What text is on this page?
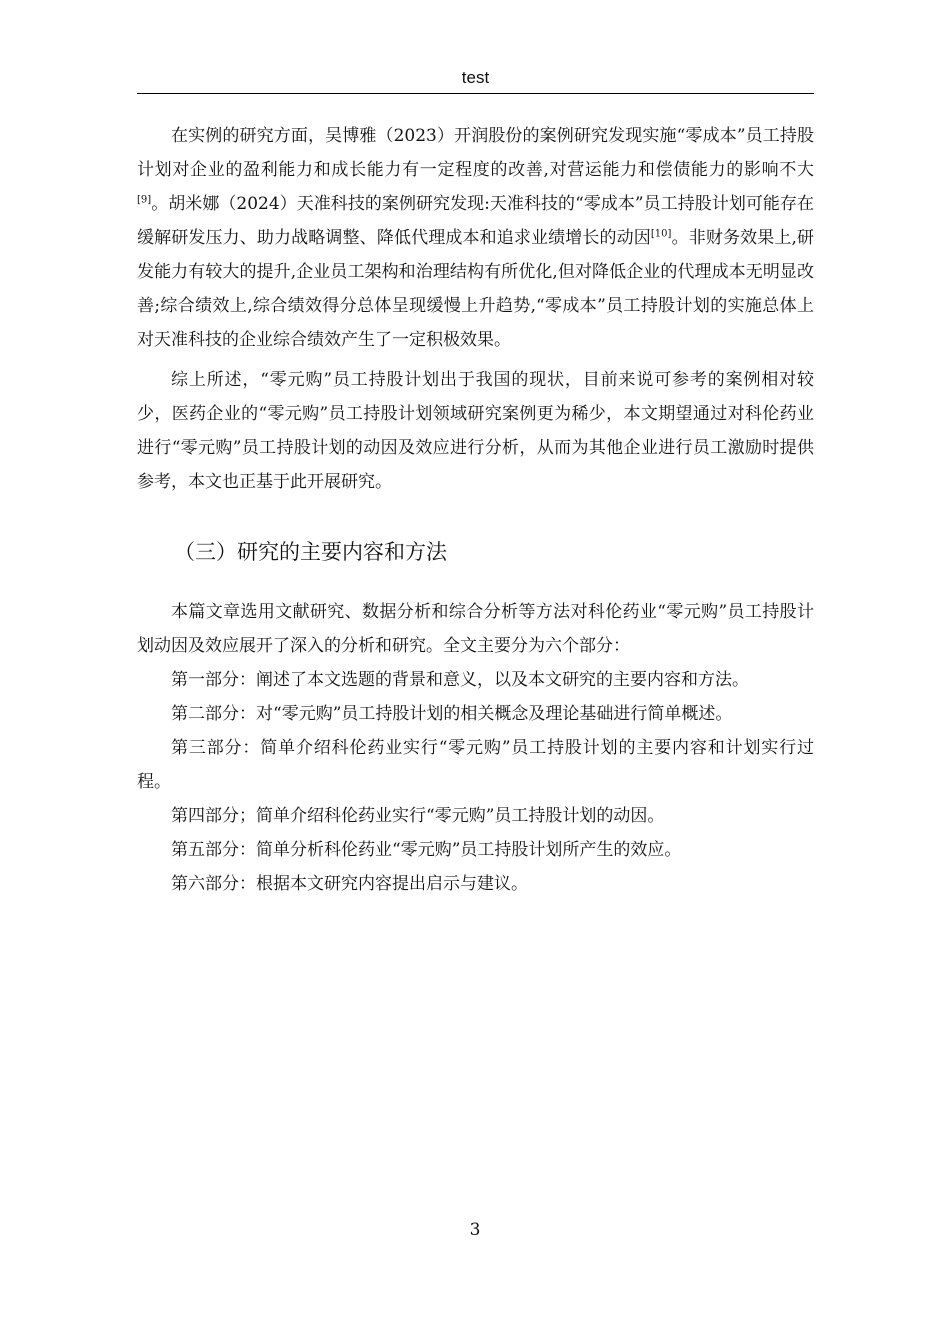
test

在实例的研究方面，吴博雅（2023）开润股份的案例研究发现实施“零成本”员工持股计划对企业的盈利能力和成长能力有一定程度的改善,对营运能力和偿债能力的影响不大[9]。胡米娜（2024）天准科技的案例研究发现:天准科技的“零成本”员工持股计划可能存在缓解研发压力、助力战略调整、降低代理成本和追求业绩增长的动因[10]。非财务效果上,研发能力有较大的提升,企业员工架构和治理结构有所优化,但对降低企业的代理成本无明显改善;综合绩效上,综合绩效得分总体呈现缓慢上升趋势,“零成本”员工持股计划的实施总体上对天准科技的企业综合绩效产生了一定积极效果。

综上所述，“零元购”员工持股计划出于我国的现状，目前来说可参考的案例相对较少，医药企业的“零元购”员工持股计划领域研究案例更为稀少，本文期望通过对科伦药业进行“零元购”员工持股计划的动因及效应进行分析，从而为其他企业进行员工激励时提供参考，本文也正基于此开展研究。

（三）研究的主要内容和方法

本篇文章选用文献研究、数据分析和综合分析等方法对科伦药业“零元购”员工持股计划动因及效应展开了深入的分析和研究。全文主要分为六个部分：

第一部分：阐述了本文选题的背景和意义，以及本文研究的主要内容和方法。

第二部分：对“零元购”员工持股计划的相关概念及理论基础进行简单概述。

第三部分：简单介绍科伦药业实行“零元购”员工持股计划的主要内容和计划实行过程。

第四部分；简单介绍科伦药业实行“零元购”员工持股计划的动因。

第五部分：简单分析科伦药业“零元购”员工持股计划所产生的效应。

第六部分：根据本文研究内容提出启示与建议。

3
